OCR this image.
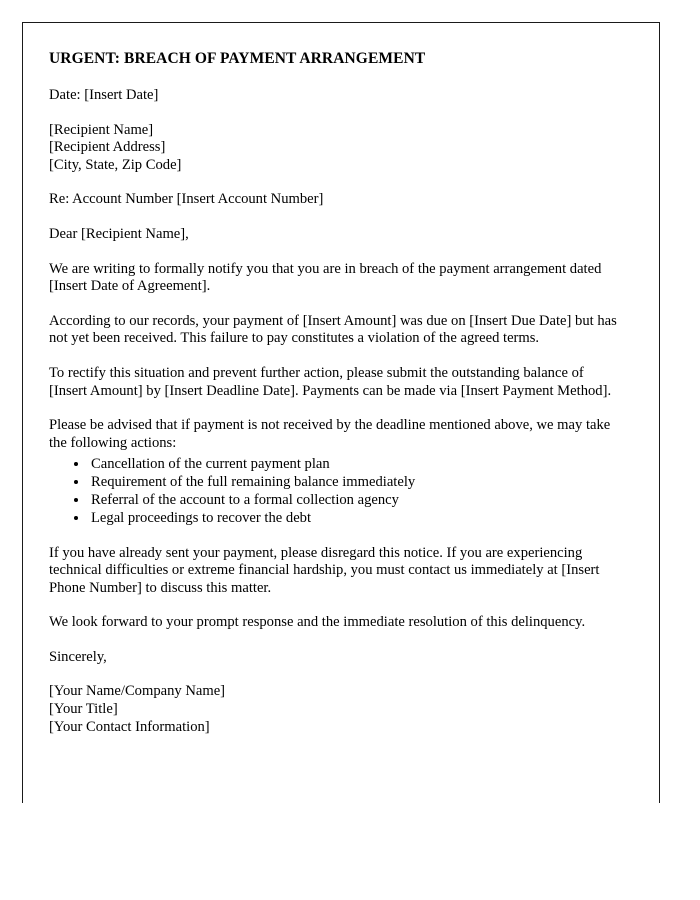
URGENT: BREACH OF PAYMENT ARRANGEMENT

Date: [Insert Date]

[Recipient Name]
[Recipient Address]
[City, State, Zip Code]

Re: Account Number [Insert Account Number]

Dear [Recipient Name],

We are writing to formally notify you that you are in breach of the payment arrangement dated [Insert Date of Agreement].

According to our records, your payment of [Insert Amount] was due on [Insert Due Date] but has not yet been received. This failure to pay constitutes a violation of the agreed terms.

To rectify this situation and prevent further action, please submit the outstanding balance of [Insert Amount] by [Insert Deadline Date]. Payments can be made via [Insert Payment Method].

Please be advised that if payment is not received by the deadline mentioned above, we may take the following actions:

• Cancellation of the current payment plan
• Requirement of the full remaining balance immediately
• Referral of the account to a formal collection agency
• Legal proceedings to recover the debt

If you have already sent your payment, please disregard this notice. If you are experiencing technical difficulties or extreme financial hardship, you must contact us immediately at [Insert Phone Number] to discuss this matter.

We look forward to your prompt response and the immediate resolution of this delinquency.

Sincerely,

[Your Name/Company Name]
[Your Title]
[Your Contact Information]
